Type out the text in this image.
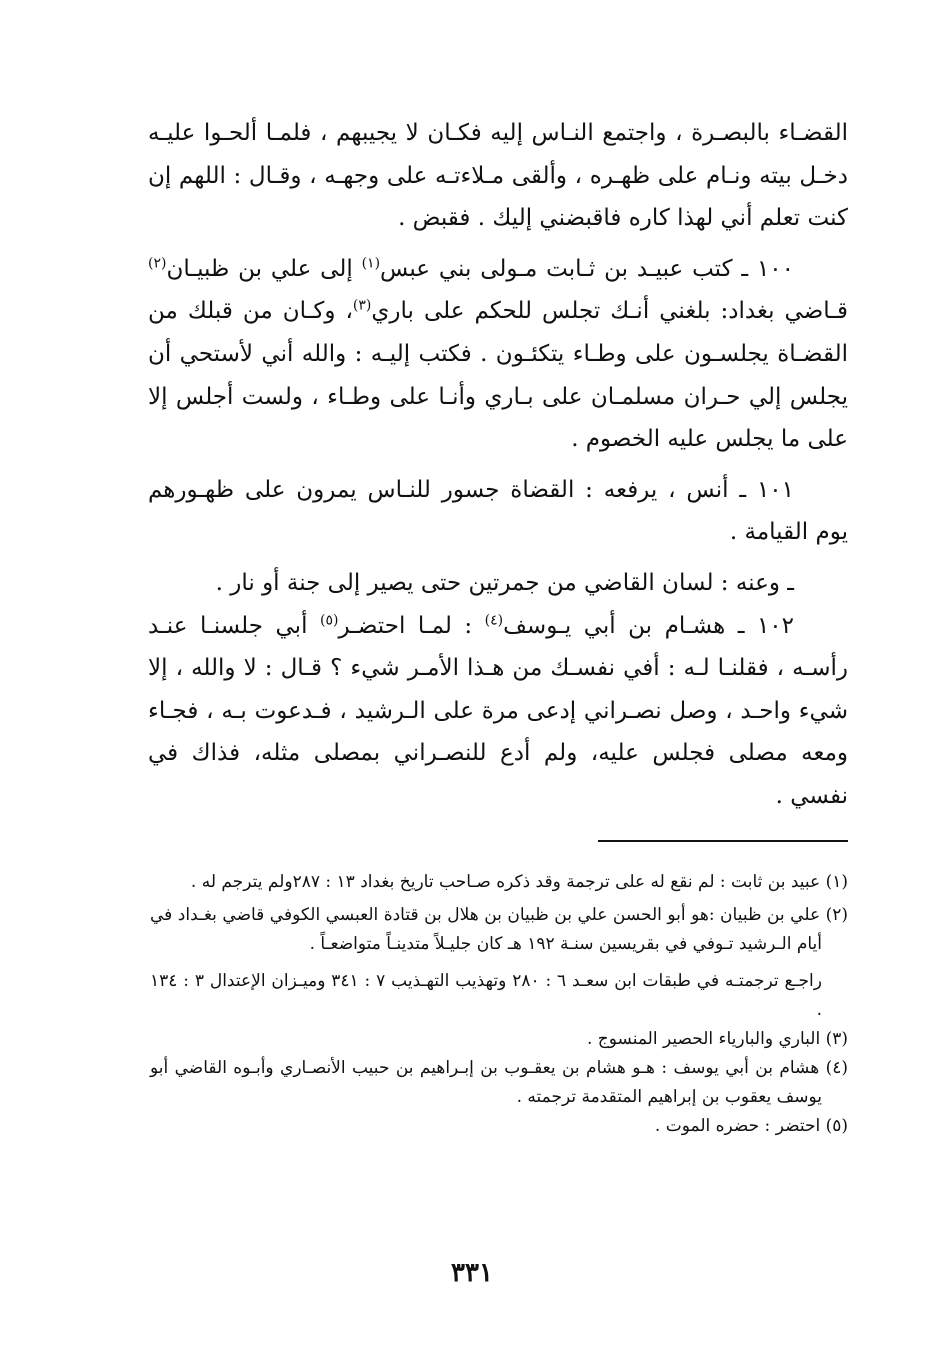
القضـاء بالبصـرة ، واجتمع النـاس إليه فكـان لا يجيبهم ، فلمـا ألحـوا عليـه دخـل بيته ونـام على ظهـره ، وألقى مـلاءتـه على وجهـه ، وقـال : اللهم إن كنت تعلم أني لهذا كاره فاقبضني إليك . فقبض .

١٠٠ ـ كتب عبيـد بن ثـابت مـولى بني عبس$^{(١)}$ إلى علي بن ظبيـان$^{(٢)}$ قـاضي بغداد: بلغني أنـك تجلس للحكم على باري$^{(٣)}$، وكـان من قبلك من القضـاة يجلسـون على وطـاء يتكئـون . فكتب إليـه : والله أني لأستحي أن يجلس إلي حـران مسلمـان على بـاري وأنـا على وطـاء ، ولست أجلس إلا على ما يجلس عليه الخصوم .

١٠١ ـ أنس ، يرفعه : القضاة جسور للنـاس يمرون على ظهـورهم يوم القيامة .

ـ وعنه : لسان القاضي من جمرتين حتى يصير إلى جنة أو نار .

١٠٢ ـ هشـام بن أبي يـوسف$^{(٤)}$ : لمـا احتضـر$^{(٥)}$ أبي جلسنـا عنـد رأسـه ، فقلنـا لـه : أفي نفسـك من هـذا الأمـر شيء ؟ قـال : لا والله ، إلا شيء واحـد ، وصل نصـراني إدعى مرة على الـرشيد ، فـدعوت بـه ، فجـاء ومعه مصلى فجلس عليه، ولم أدع للنصـراني بمصلى مثله، فذاك في نفسي .

(١) عبيد بن ثابت : لم نقع له على ترجمة وقد ذكره صـاحب تاريخ بغداد ١٣ : ٢٨٧ولم يترجم له .

(٢) علي بن ظبيان :هو أبو الحسن علي بن ظبيان بن هلال بن قتادة العبسي الكوفي قاضي بغـداد في أيام الـرشيد تـوفي في بقريسين سنـة ١٩٢ هـ كان جليـلاً متدينـاً متواضعـاً .

راجـع ترجمتـه في طبقات ابن سعـد ٦ : ٢٨٠ وتهذيب التهـذيب ٧ : ٣٤١ وميـزان الإعتدال ٣ : ١٣٤ .

(٣) الباري والبارياء الحصير المنسوج .

(٤) هشام بن أبي يوسف : هـو هشام بن يعقـوب بن إبـراهيم بن حبيب الأنصـاري وأبـوه القاضي أبو يوسف يعقوب بن إبراهيم المتقدمة ترجمته .

(٥) احتضر : حضره الموت .

٣٣١
